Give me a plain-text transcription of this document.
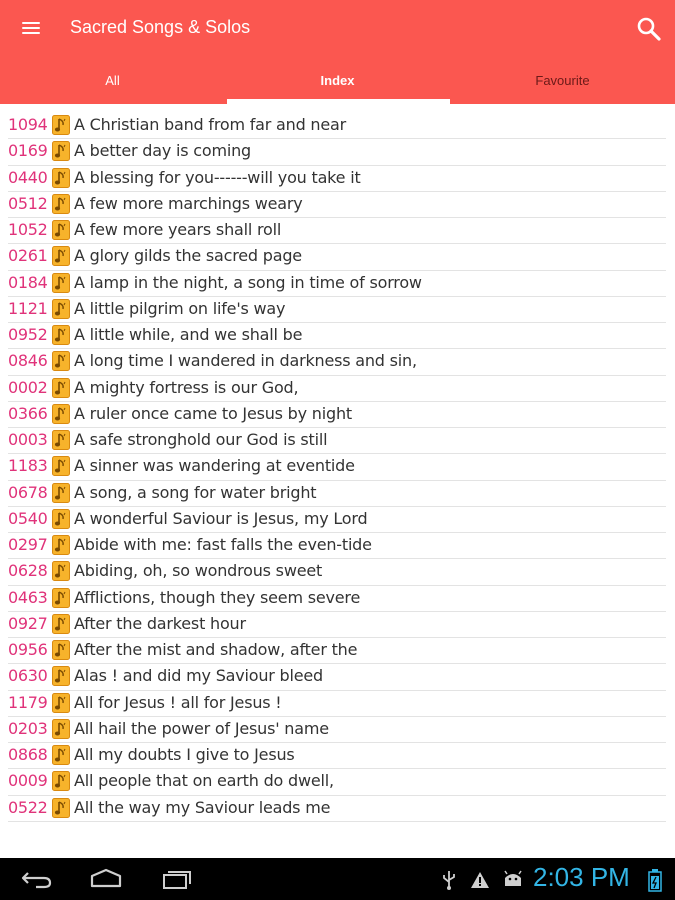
Sacred Songs & Solos
All	Index	Favourite
1094 A Christian band from far and near
0169 A better day is coming
0440 A blessing for you------will you take it
0512 A few more marchings weary
1052 A few more years shall roll
0261 A glory gilds the sacred page
0184 A lamp in the night, a song in time of sorrow
1121 A little pilgrim on life's way
0952 A little while, and we shall be
0846 A long time I wandered in darkness and sin,
0002 A mighty fortress is our God,
0366 A ruler once came to Jesus by night
0003 A safe stronghold our God is still
1183 A sinner was wandering at eventide
0678 A song, a song for water bright
0540 A wonderful Saviour is Jesus, my Lord
0297 Abide with me: fast falls the even-tide
0628 Abiding, oh, so wondrous sweet
0463 Afflictions, though they seem severe
0927 After the darkest hour
0956 After the mist and shadow, after the
0630 Alas ! and did my Saviour bleed
1179 All for Jesus ! all for Jesus !
0203 All hail the power of Jesus' name
0868 All my doubts I give to Jesus
0009 All people that on earth do dwell,
0522 All the way my Saviour leads me
2:03 PM
